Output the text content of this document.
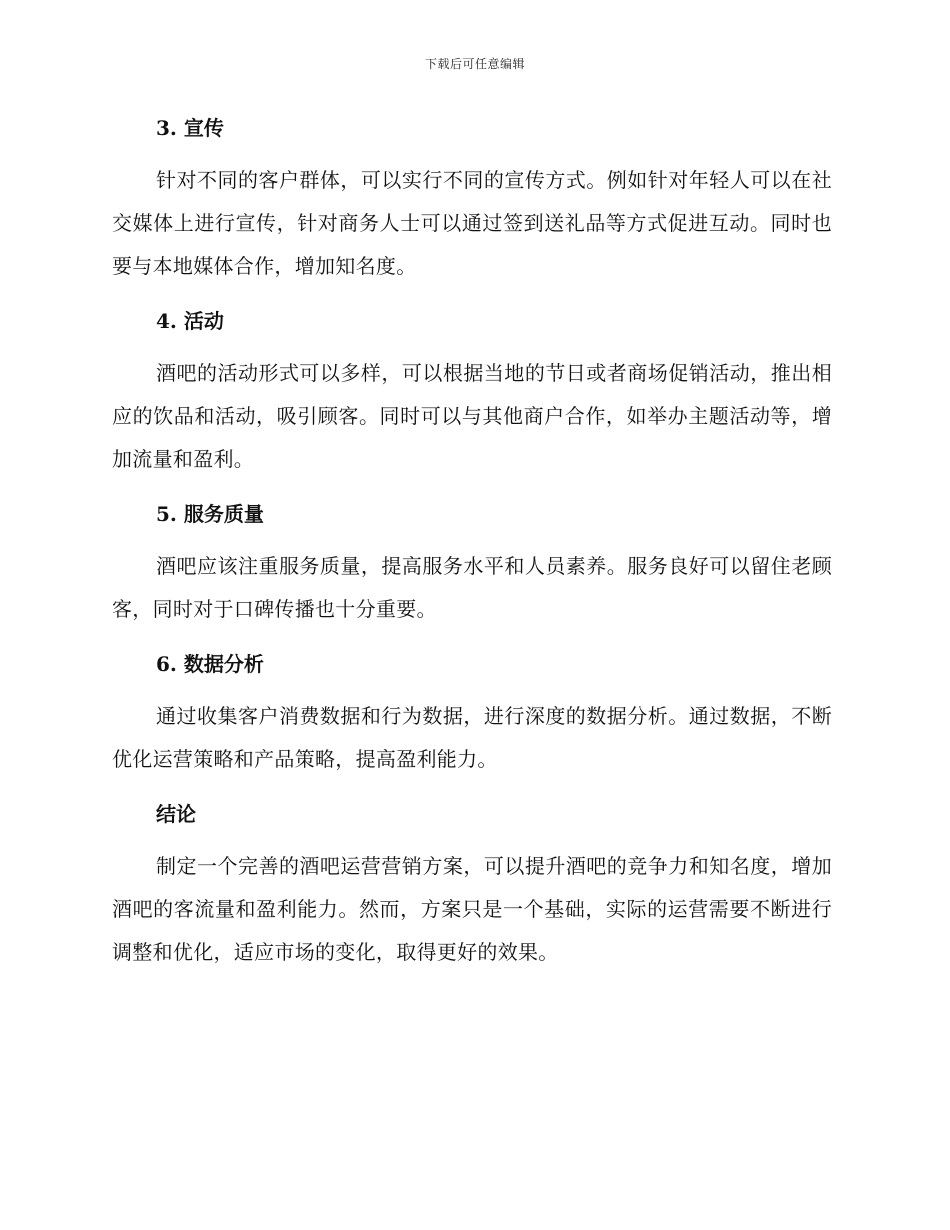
下载后可任意编辑
3. 宣传

针对不同的客户群体，可以实行不同的宣传方式。例如针对年轻人可以在社交媒体上进行宣传，针对商务人士可以通过签到送礼品等方式促进互动。同时也要与本地媒体合作，增加知名度。

4. 活动

酒吧的活动形式可以多样，可以根据当地的节日或者商场促销活动，推出相应的饮品和活动，吸引顾客。同时可以与其他商户合作，如举办主题活动等，增加流量和盈利。

5. 服务质量

酒吧应该注重服务质量，提高服务水平和人员素养。服务良好可以留住老顾客，同时对于口碑传播也十分重要。

6. 数据分析

通过收集客户消费数据和行为数据，进行深度的数据分析。通过数据，不断优化运营策略和产品策略，提高盈利能力。

结论

制定一个完善的酒吧运营营销方案，可以提升酒吧的竞争力和知名度，增加酒吧的客流量和盈利能力。然而，方案只是一个基础，实际的运营需要不断进行调整和优化，适应市场的变化，取得更好的效果。
